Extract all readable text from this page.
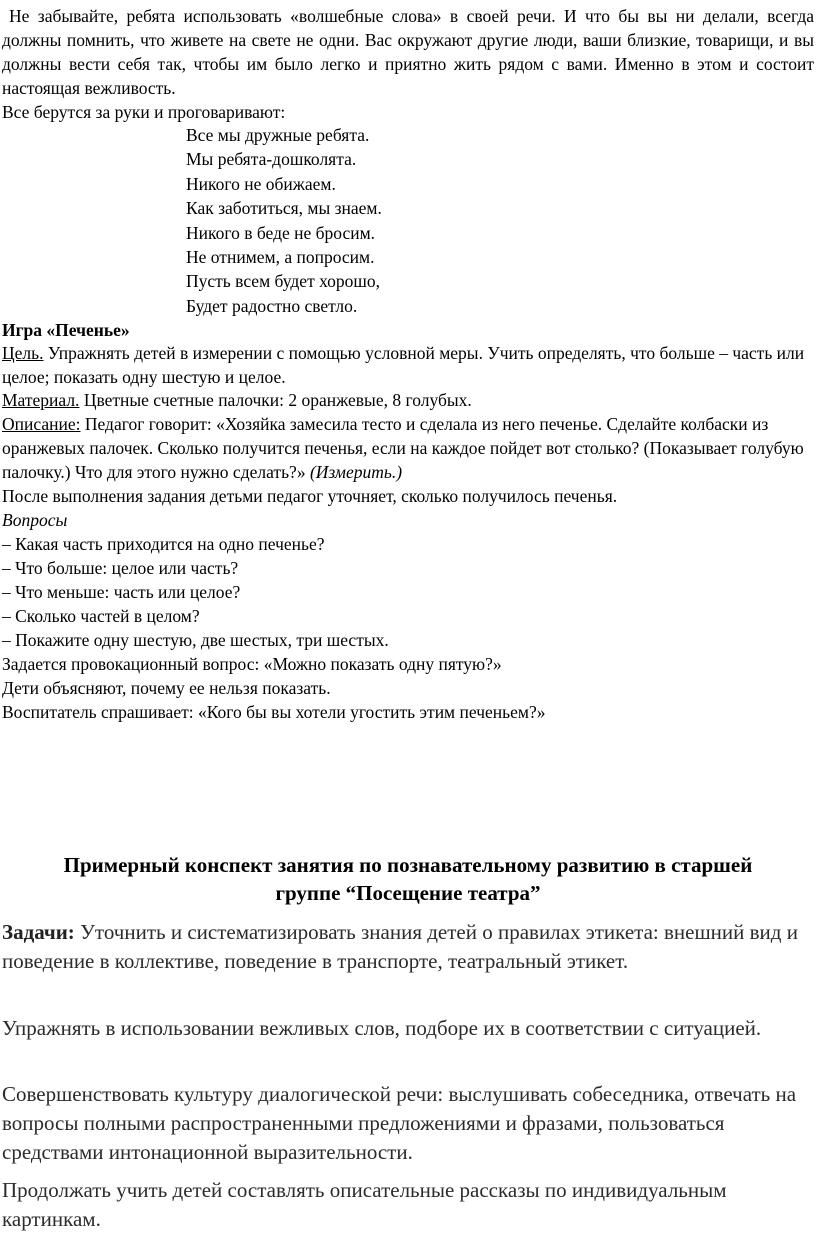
Не забывайте, ребята использовать «волшебные слова» в своей речи. И что бы вы ни делали, всегда должны помнить, что живете на свете не одни. Вас окружают другие люди, ваши близкие, товарищи, и вы должны вести себя так, чтобы им было легко и приятно жить рядом с вами. Именно в этом и состоит настоящая вежливость.

Все берутся за руки и проговаривают:

Все мы дружные ребята.
Мы ребята-дошколята.
Никого не обижаем.
Как заботиться, мы знаем.
Никого в беде не бросим.
Не отнимем, а попросим.
Пусть всем будет хорошо,
Будет радостно светло.

Игра «Печенье»

Цель. Упражнять детей в измерении с помощью условной меры. Учить определять, что больше – часть или целое; показать одну шестую и целое.

Материал. Цветные счетные палочки: 2 оранжевые, 8 голубых.

Описание: Педагог говорит: «Хозяйка замесила тесто и сделала из него печенье. Сделайте колбаски из оранжевых палочек. Сколько получится печенья, если на каждое пойдет вот столько? (Показывает голубую палочку.) Что для этого нужно сделать?» (Измерить.)

После выполнения задания детьми педагог уточняет, сколько получилось печенья.

Вопросы

– Какая часть приходится на одно печенье?

– Что больше: целое или часть?

– Что меньше: часть или целое?

– Сколько частей в целом?

– Покажите одну шестую, две шестых, три шестых.

Задается провокационный вопрос: «Можно показать одну пятую?»

Дети объясняют, почему ее нельзя показать.

Воспитатель спрашивает: «Кого бы вы хотели угостить этим печеньем?»

Примерный конспект занятия по познавательному развитию в старшей
группе “Посещение театра”

Задачи: Уточнить и систематизировать знания детей о правилах этикета: внешний вид и поведение в коллективе, поведение в транспорте, театральный этикет.

Упражнять в использовании вежливых слов, подборе их в соответствии с ситуацией.

Совершенствовать культуру диалогической речи: выслушивать собеседника, отвечать на вопросы полными распространенными предложениями и фразами, пользоваться средствами интонационной выразительности.

Продолжать учить детей составлять описательные рассказы по индивидуальным картинкам.
